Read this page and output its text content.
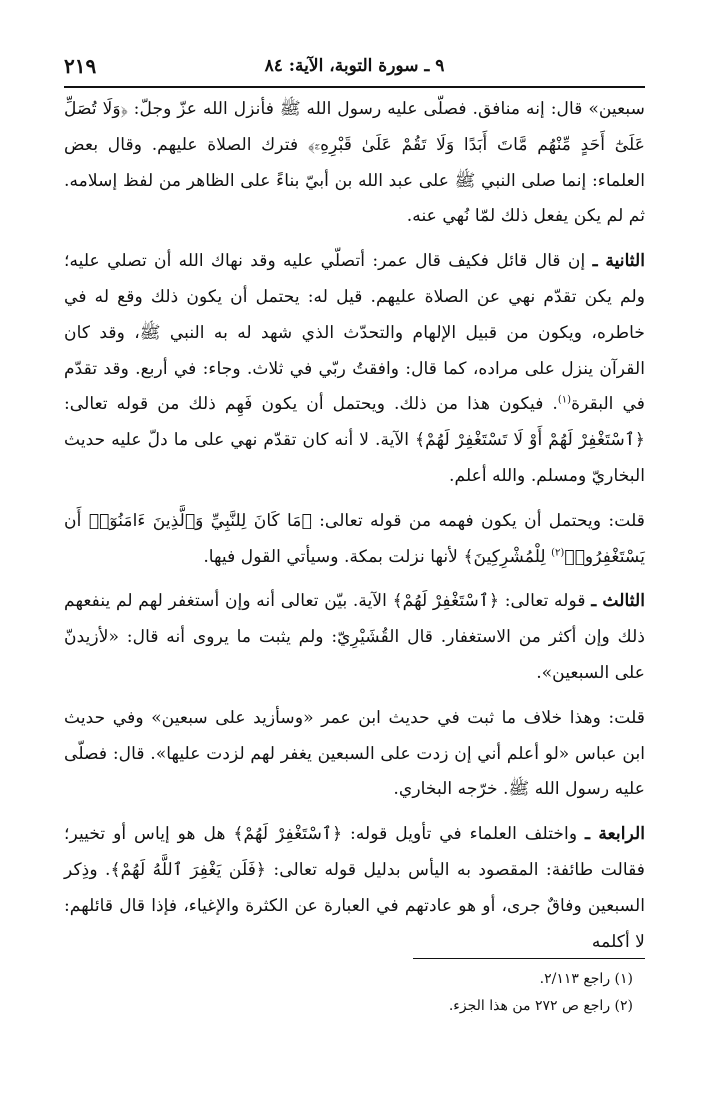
٩ ـ سورة التوبة، الآية: ٨٤
٢١٩

سبعين» قال: إنه منافق. فصلّى عليه رسول الله ﷺ فأنزل الله عزّ وجلّ: ﴿وَلَا تُصَلِّ عَلَىٰٓ أَحَدٍ مِّنْهُم مَّاتَ أَبَدًا وَلَا تَقُمْ عَلَىٰ قَبْرِهِۦٓ﴾ فترك الصلاة عليهم. وقال بعض العلماء: إنما صلى النبي ﷺ على عبد الله بن أبيّ بناءً على الظاهر من لفظ إسلامه. ثم لم يكن يفعل ذلك لمّا نُهي عنه.

الثانية ـ إن قال قائل فكيف قال عمر: أتصلّي عليه وقد نهاك الله أن تصلي عليه؛ ولم يكن تقدّم نهي عن الصلاة عليهم. قيل له: يحتمل أن يكون ذلك وقع له في خاطره، ويكون من قبيل الإلهام والتحدّث الذي شهد له به النبي ﷺ، وقد كان القرآن ينزل على مراده، كما قال: وافقتُ ربّي في ثلاث. وجاء: في أربع. وقد تقدّم في البقرة$^{(١)}$. فيكون هذا من ذلك. ويحتمل أن يكون فَهِم ذلك من قوله تعالى: ﴿ٱسْتَغْفِرْ لَهُمْ أَوْ لَا تَسْتَغْفِرْ لَهُمْ﴾ الآية. لا أنه كان تقدّم نهي على ما دلّ عليه حديث البخاريّ ومسلم. والله أعلم.

قلت: ويحتمل أن يكون فهمه من قوله تعالى: ﴿مَا كَانَ لِلنَّبِيِّ وَٱلَّذِينَ ءَامَنُوٓا۟ أَن يَسْتَغْفِرُوا۟$^{(٢)}$ لِلْمُشْرِكِينَ﴾ لأنها نزلت بمكة. وسيأتي القول فيها.

الثالث ـ قوله تعالى: ﴿ٱسْتَغْفِرْ لَهُمْ﴾ الآية. بيّن تعالى أنه وإن أستغفر لهم لم ينفعهم ذلك وإن أكثر من الاستغفار. قال القُشَيْرِيّ: ولم يثبت ما يروى أنه قال: «لأزيدنّ على السبعين».

قلت: وهذا خلاف ما ثبت في حديث ابن عمر «وسأزيد على سبعين» وفي حديث ابن عباس «لو أعلم أني إن زدت على السبعين يغفر لهم لزدت عليها». قال: فصلّى عليه رسول الله ﷺ. خرّجه البخاري.

الرابعة ـ واختلف العلماء في تأويل قوله: ﴿ٱسْتَغْفِرْ لَهُمْ﴾ هل هو إياس أو تخيير؛ فقالت طائفة: المقصود به اليأس بدليل قوله تعالى: ﴿فَلَن يَغْفِرَ ٱللَّهُ لَهُمْ﴾. وذِكر السبعين وفاقٌ جرى، أو هو عادتهم في العبارة عن الكثرة والإغياء، فإذا قال قائلهم: لا أكلمه

(١) راجع ٢/١١٣.

(٢) راجع ص ٢٧٢ من هذا الجزء.
